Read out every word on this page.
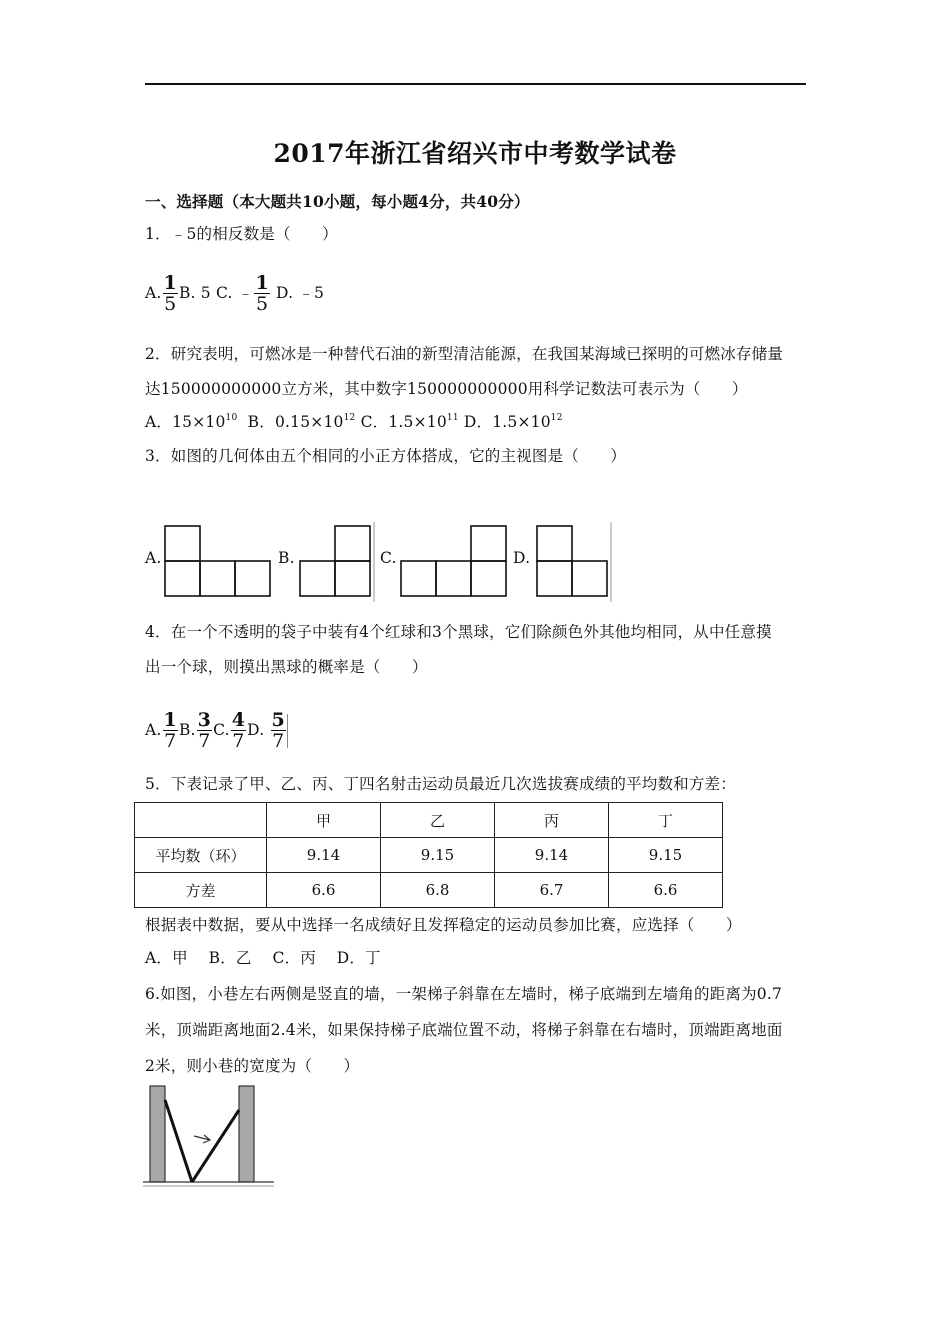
2017年浙江省绍兴市中考数学试卷
一、选择题（本大题共10小题，每小题4分，共40分）
1．﹣5的相反数是（　　）
A. $\frac{1}{5} B$. 5 C. ﹣ $\frac{1}{5} D$. ﹣5
2．研究表明，可燃冰是一种替代石油的新型清洁能源，在我国某海域已探明的可燃冰存储量
达150000000000立方米，其中数字150000000000用科学记数法可表示为（　　）
A．$15\times 10^{10}$ B．$0.15\times 10^{12}$ C．$1.5\times 10^{11}$ D．$1.5\times 10^{12}$
3．如图的几何体由五个相同的小正方体搭成，它的主视图是（　　）
A.	B.	C.	D.
4．在一个不透明的袋子中装有4个红球和3个黑球，它们除颜色外其他均相同，从中任意摸
出一个球，则摸出黑球的概率是（　　）
A. $\frac{1}{7} B$. $\frac{3}{7} C$. $\frac{4}{7} D$. $\frac{5}{7}$
5．下表记录了甲、乙、丙、丁四名射击运动员最近几次选拔赛成绩的平均数和方差：
	甲	乙	丙	丁
平均数（环）	9.14	9.15	9.14	9.15
方差	6.6	6.8	6.7	6.6
根据表中数据，要从中选择一名成绩好且发挥稳定的运动员参加比赛，应选择（　　）
A．甲　 B．乙　 C．丙　 D．丁
6.如图，小巷左右两侧是竖直的墙，一架梯子斜靠在左墙时，梯子底端到左墙角的距离为0.7
米，顶端距离地面2.4米，如果保持梯子底端位置不动，将梯子斜靠在右墙时，顶端距离地面
2米，则小巷的宽度为（　　）
